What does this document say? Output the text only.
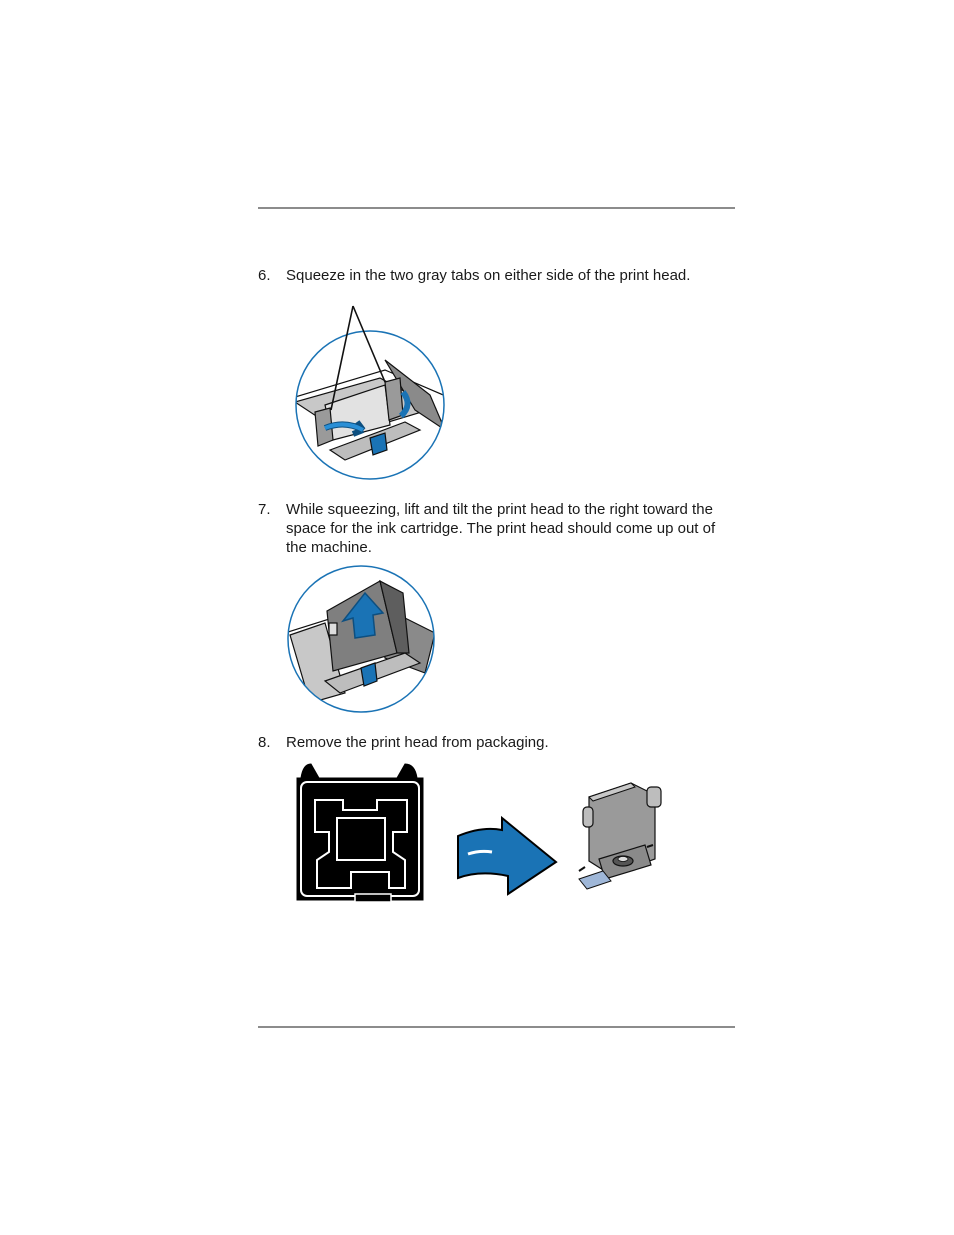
6. Squeeze in the two gray tabs on either side of the print head.
7. While squeezing, lift and tilt the print head to the right toward the space for the ink cartridge. The print head should come up out of the machine.
8. Remove the print head from packaging.
